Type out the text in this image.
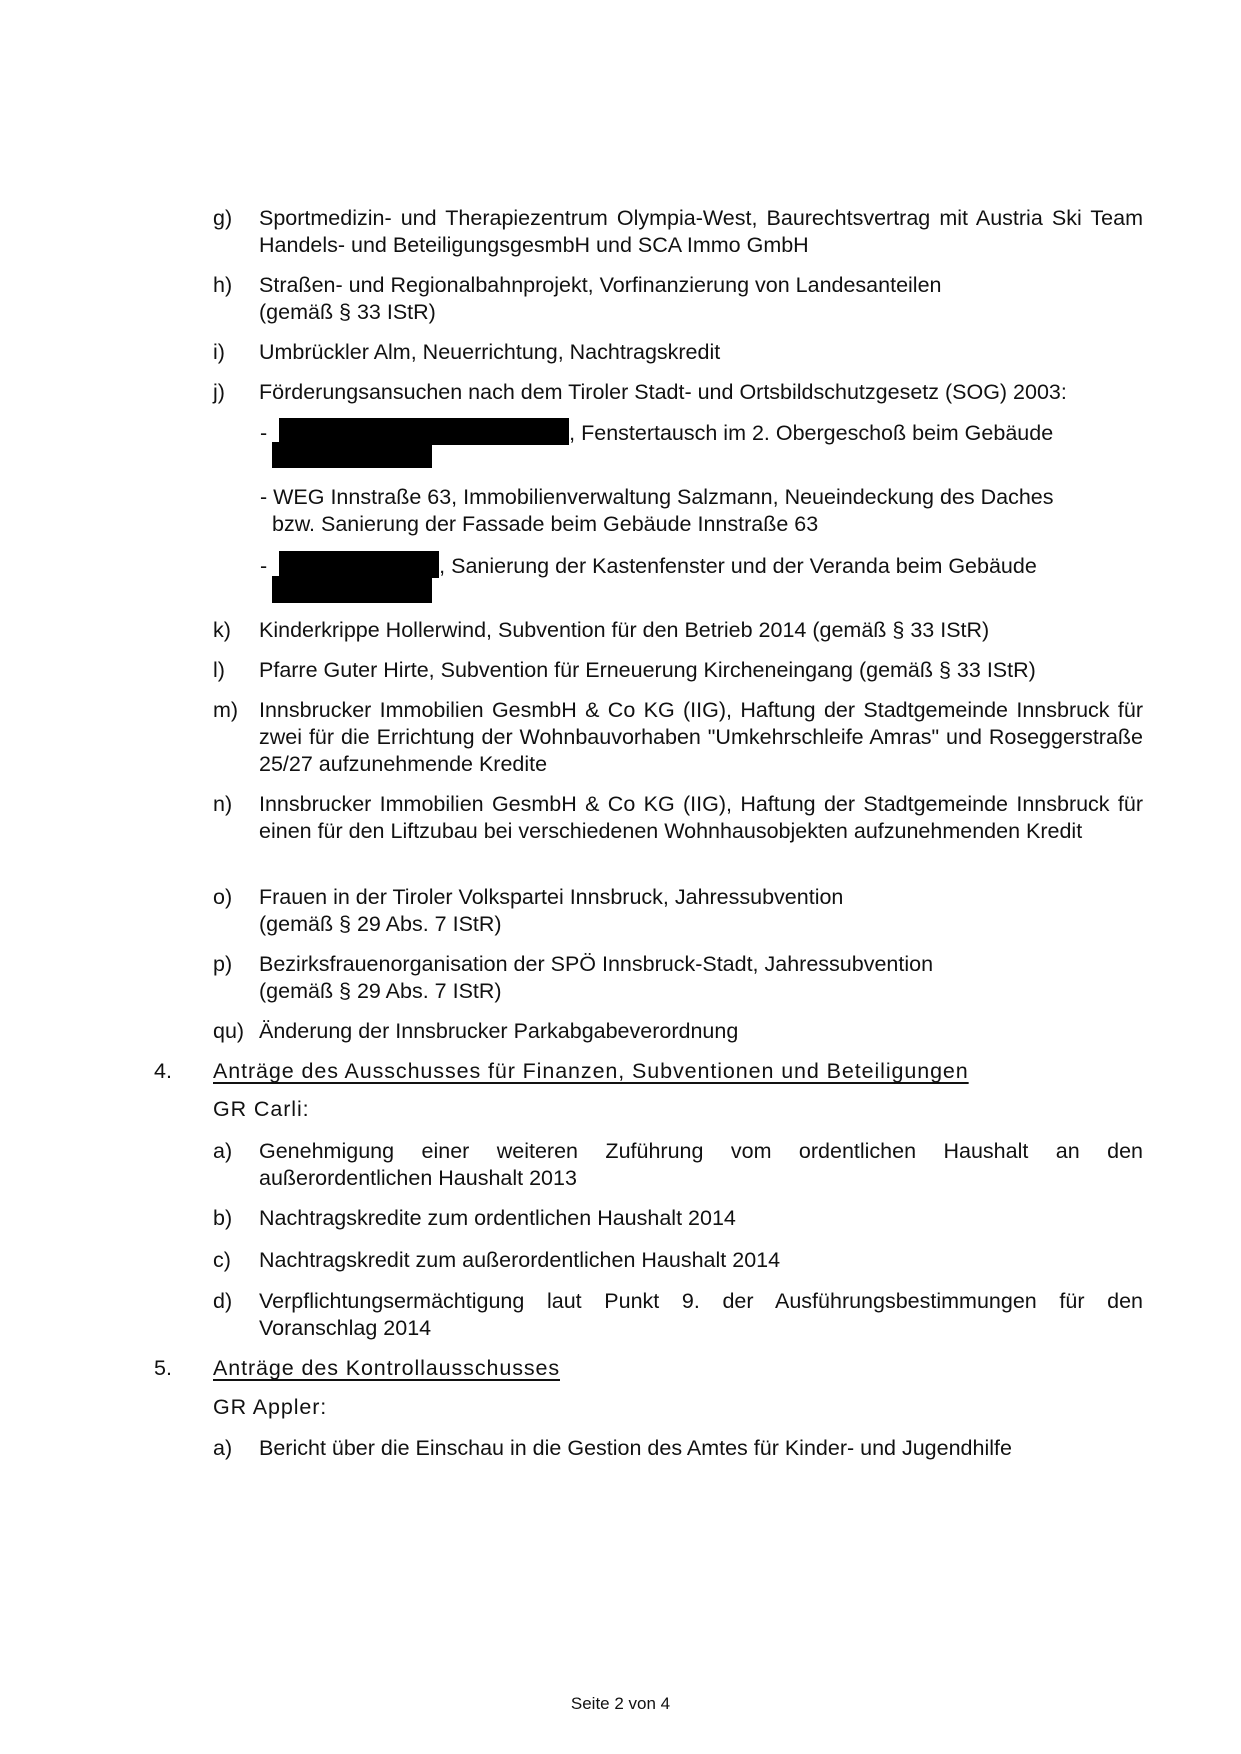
g)	Sportmedizin- und Therapiezentrum Olympia-West, Baurechtsvertrag mit Austria Ski Team Handels- und BeteiligungsgesmbH und SCA Immo GmbH
h)	Straßen- und Regionalbahnprojekt, Vorfinanzierung von Landesanteilen
(gemäß § 33 IStR)
i)	Umbrückler Alm, Neuerrichtung, Nachtragskredit
j)	Förderungsansuchen nach dem Tiroler Stadt- und Ortsbildschutzgesetz (SOG) 2003:
-	, Fenstertausch im 2. Obergeschoß beim Gebäude
- WEG Innstraße 63, Immobilienverwaltung Salzmann, Neueindeckung des Daches
bzw. Sanierung der Fassade beim Gebäude Innstraße 63
-	, Sanierung der Kastenfenster und der Veranda beim Gebäude
k)	Kinderkrippe Hollerwind, Subvention für den Betrieb 2014 (gemäß § 33 IStR)
l)	Pfarre Guter Hirte, Subvention für Erneuerung Kircheneingang (gemäß § 33 IStR)
m) Innsbrucker Immobilien GesmbH & Co KG (IIG), Haftung der Stadtgemeinde Innsbruck für zwei für die Errichtung der Wohnbauvorhaben "Umkehrschleife Amras" und Roseggerstraße 25/27 aufzunehmende Kredite
n)	Innsbrucker Immobilien GesmbH & Co KG (IIG), Haftung der Stadtgemeinde Innsbruck für einen für den Liftzubau bei verschiedenen Wohnhausobjekten aufzunehmenden Kredit
o)	Frauen in der Tiroler Volkspartei Innsbruck, Jahressubvention
(gemäß § 29 Abs. 7 IStR)
p)	Bezirksfrauenorganisation der SPÖ Innsbruck-Stadt, Jahressubvention
(gemäß § 29 Abs. 7 IStR)
qu) Änderung der Innsbrucker Parkabgabeverordnung
4. Anträge des Ausschusses für Finanzen, Subventionen und Beteiligungen
GR Carli:
a)	Genehmigung einer weiteren Zuführung vom ordentlichen Haushalt an den außerordentlichen Haushalt 2013
b)	Nachtragskredite zum ordentlichen Haushalt 2014
c)	Nachtragskredit zum außerordentlichen Haushalt 2014
d)	Verpflichtungsermächtigung laut Punkt 9. der Ausführungsbestimmungen für den Voranschlag 2014
5. Anträge des Kontrollausschusses
GR Appler:
a)	Bericht über die Einschau in die Gestion des Amtes für Kinder- und Jugendhilfe
Seite 2 von 4
